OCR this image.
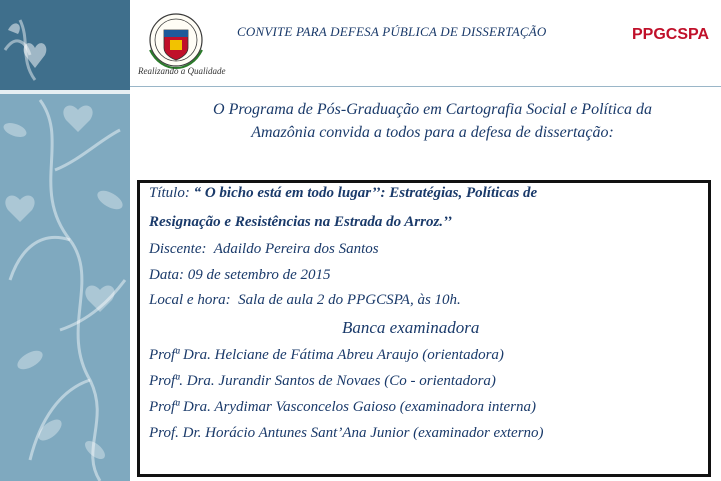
Realizando a Qualidade
CONVITE PARA DEFESA PÚBLICA DE DISSERTAÇÃO	PPGCSPA
O Programa de Pós-Graduação em Cartografia Social e Política da
Amazônia convida a todos para a defesa de dissertação:
Título: “ O bicho está em todo lugar’’: Estratégias, Políticas de
Resignação e Resistências na Estrada do Arroz.’’
Discente: Adaildo Pereira dos Santos
Data: 09 de setembro de 2015
Local e hora: Sala de aula 2 do PPGCSPA, às 10h.
Banca examinadora
Profª Dra. Helciane de Fátima Abreu Araujo (orientadora)
Profª. Dra. Jurandir Santos de Novaes (Co - orientadora)
Profª Dra. Arydimar Vasconcelos Gaioso (examinadora interna)
Prof. Dr. Horácio Antunes Sant’Ana Junior (examinador externo)
